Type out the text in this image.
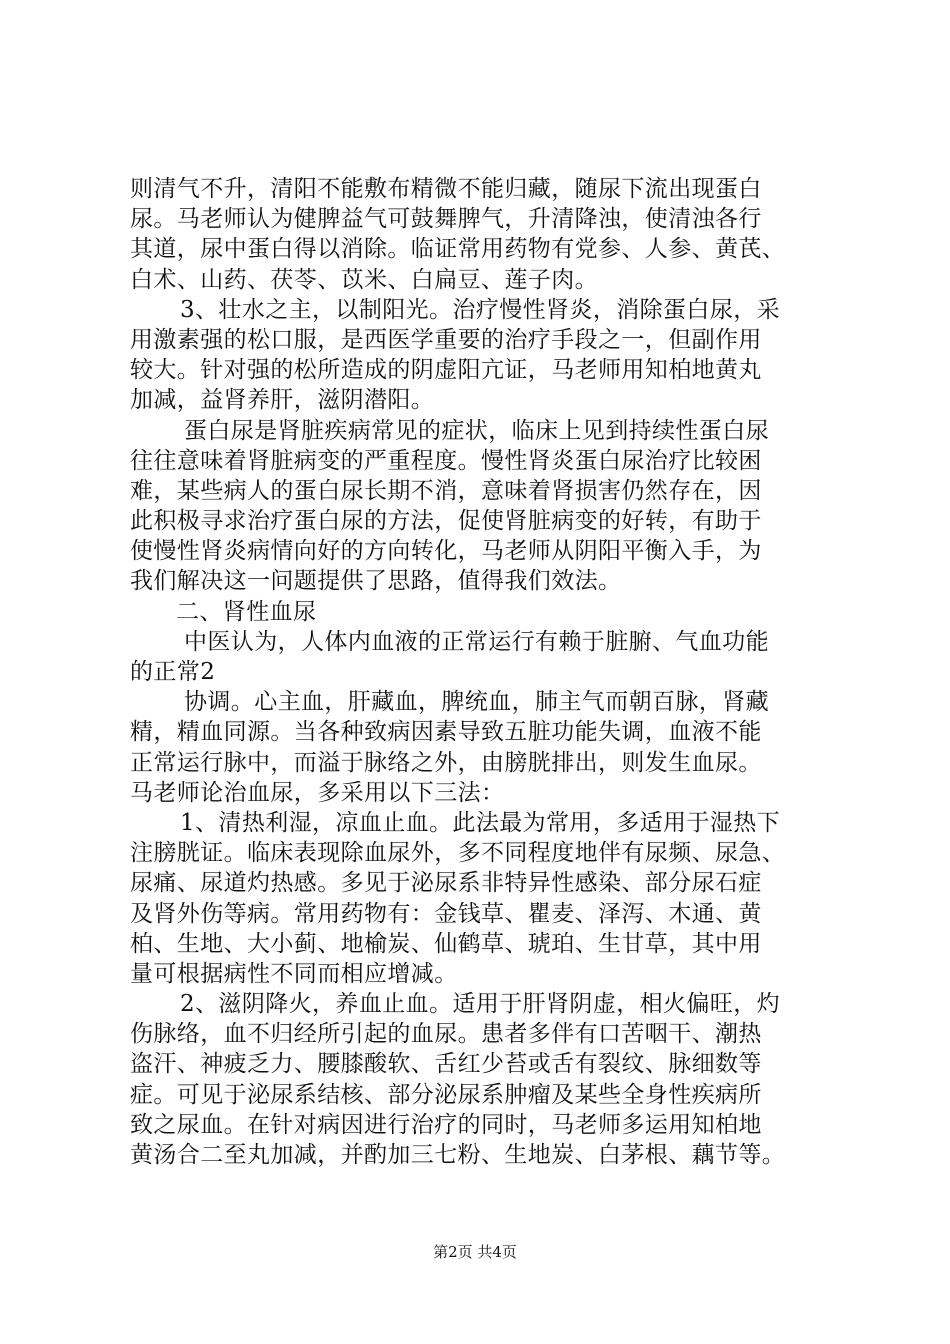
则清气不升，清阳不能敷布精微不能归藏，随尿下流出现蛋白
尿。马老师认为健脾益气可鼓舞脾气，升清降浊，使清浊各行
其道，尿中蛋白得以消除。临证常用药物有党参、人参、黄芪、
白术、山药、茯苓、苡米、白扁豆、莲子肉。
3、壮水之主，以制阳光。治疗慢性肾炎，消除蛋白尿，采
用激素强的松口服，是西医学重要的治疗手段之一，但副作用
较大。针对强的松所造成的阴虚阳亢证，马老师用知柏地黄丸
加减，益肾养肝，滋阴潜阳。
蛋白尿是肾脏疾病常见的症状，临床上见到持续性蛋白尿
往往意味着肾脏病变的严重程度。慢性肾炎蛋白尿治疗比较困
难，某些病人的蛋白尿长期不消，意味着肾损害仍然存在，因
此积极寻求治疗蛋白尿的方法，促使肾脏病变的好转，有助于
使慢性肾炎病情向好的方向转化，马老师从阴阳平衡入手，为
我们解决这一问题提供了思路，值得我们效法。
二、肾性血尿
中医认为，人体内血液的正常运行有赖于脏腑、气血功能
的正常2
协调。心主血，肝藏血，脾统血，肺主气而朝百脉，肾藏
精，精血同源。当各种致病因素导致五脏功能失调，血液不能
正常运行脉中，而溢于脉络之外，由膀胱排出，则发生血尿。
马老师论治血尿，多采用以下三法：
1、清热利湿，凉血止血。此法最为常用，多适用于湿热下
注膀胱证。临床表现除血尿外，多不同程度地伴有尿频、尿急、
尿痛、尿道灼热感。多见于泌尿系非特异性感染、部分尿石症
及肾外伤等病。常用药物有：金钱草、瞿麦、泽泻、木通、黄
柏、生地、大小蓟、地榆炭、仙鹤草、琥珀、生甘草，其中用
量可根据病性不同而相应增减。
2、滋阴降火，养血止血。适用于肝肾阴虚，相火偏旺，灼
伤脉络，血不归经所引起的血尿。患者多伴有口苦咽干、潮热
盗汗、神疲乏力、腰膝酸软、舌红少苔或舌有裂纹、脉细数等
症。可见于泌尿系结核、部分泌尿系肿瘤及某些全身性疾病所
致之尿血。在针对病因进行治疗的同时，马老师多运用知柏地
黄汤合二至丸加减，并酌加三七粉、生地炭、白茅根、藕节等。
第2页 共4页
